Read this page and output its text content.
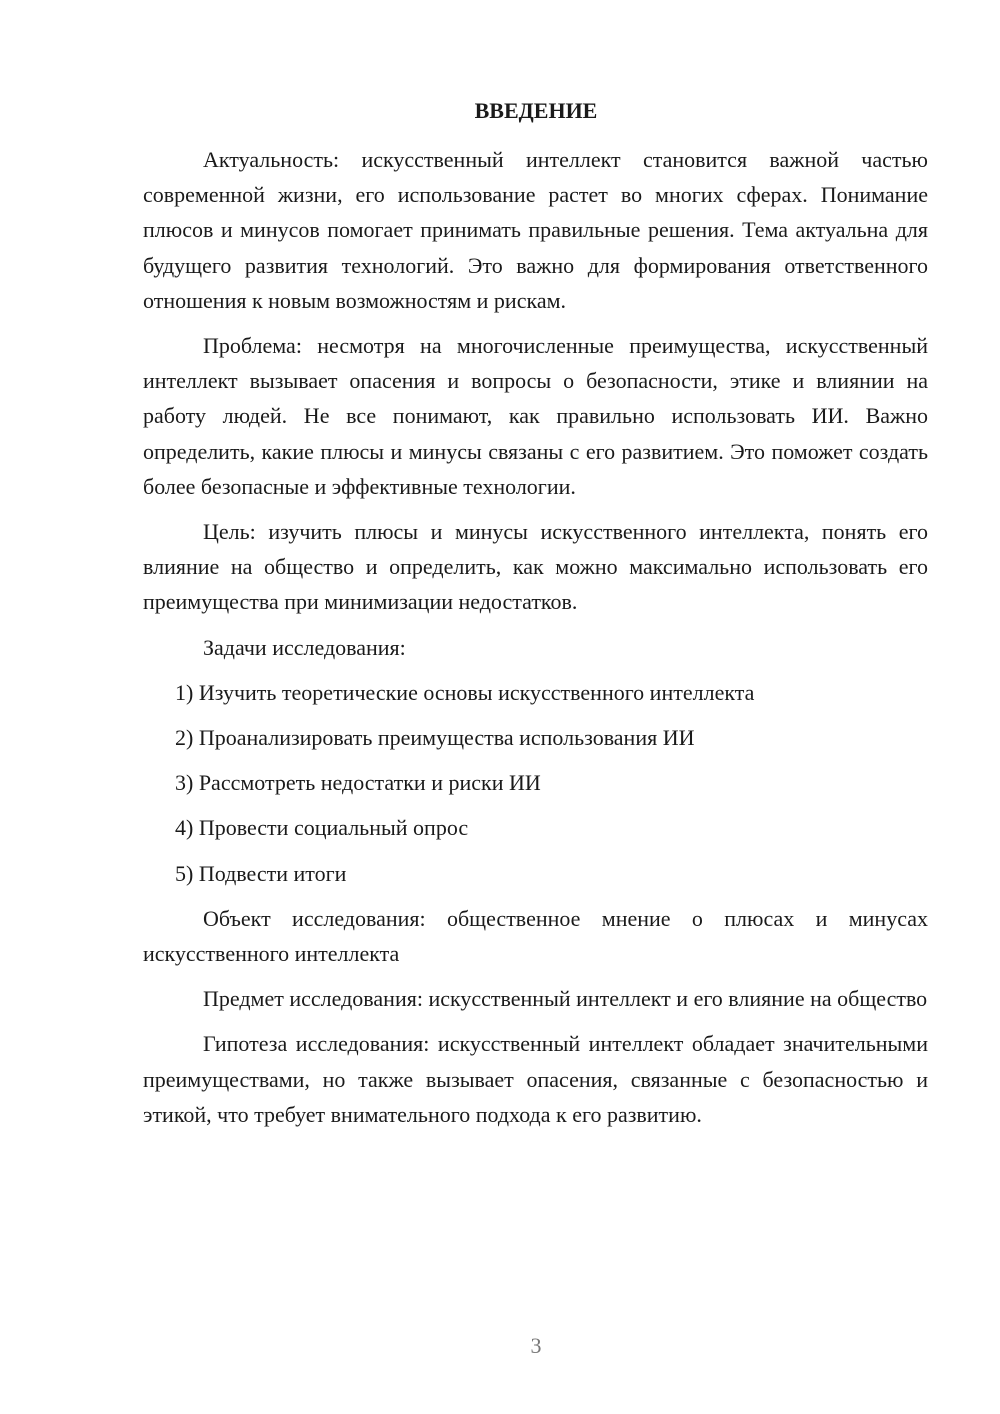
ВВЕДЕНИЕ

Актуальность: искусственный интеллект становится важной частью современной жизни, его использование растет во многих сферах. Понимание плюсов и минусов помогает принимать правильные решения. Тема актуальна для будущего развития технологий. Это важно для формирования ответственного отношения к новым возможностям и рискам.

Проблема: несмотря на многочисленные преимущества, искусственный интеллект вызывает опасения и вопросы о безопасности, этике и влиянии на работу людей. Не все понимают, как правильно использовать ИИ. Важно определить, какие плюсы и минусы связаны с его развитием. Это поможет создать более безопасные и эффективные технологии.

Цель: изучить плюсы и минусы искусственного интеллекта, понять его влияние на общество и определить, как можно максимально использовать его преимущества при минимизации недостатков.

Задачи исследования:

1) Изучить теоретические основы искусственного интеллекта
2) Проанализировать преимущества использования ИИ
3) Рассмотреть недостатки и риски ИИ
4) Провести социальный опрос
5) Подвести итоги

Объект исследования: общественное мнение о плюсах и минусах искусственного интеллекта

Предмет исследования: искусственный интеллект и его влияние на общество

Гипотеза исследования: искусственный интеллект обладает значительными преимуществами, но также вызывает опасения, связанные с безопасностью и этикой, что требует внимательного подхода к его развитию.

3
